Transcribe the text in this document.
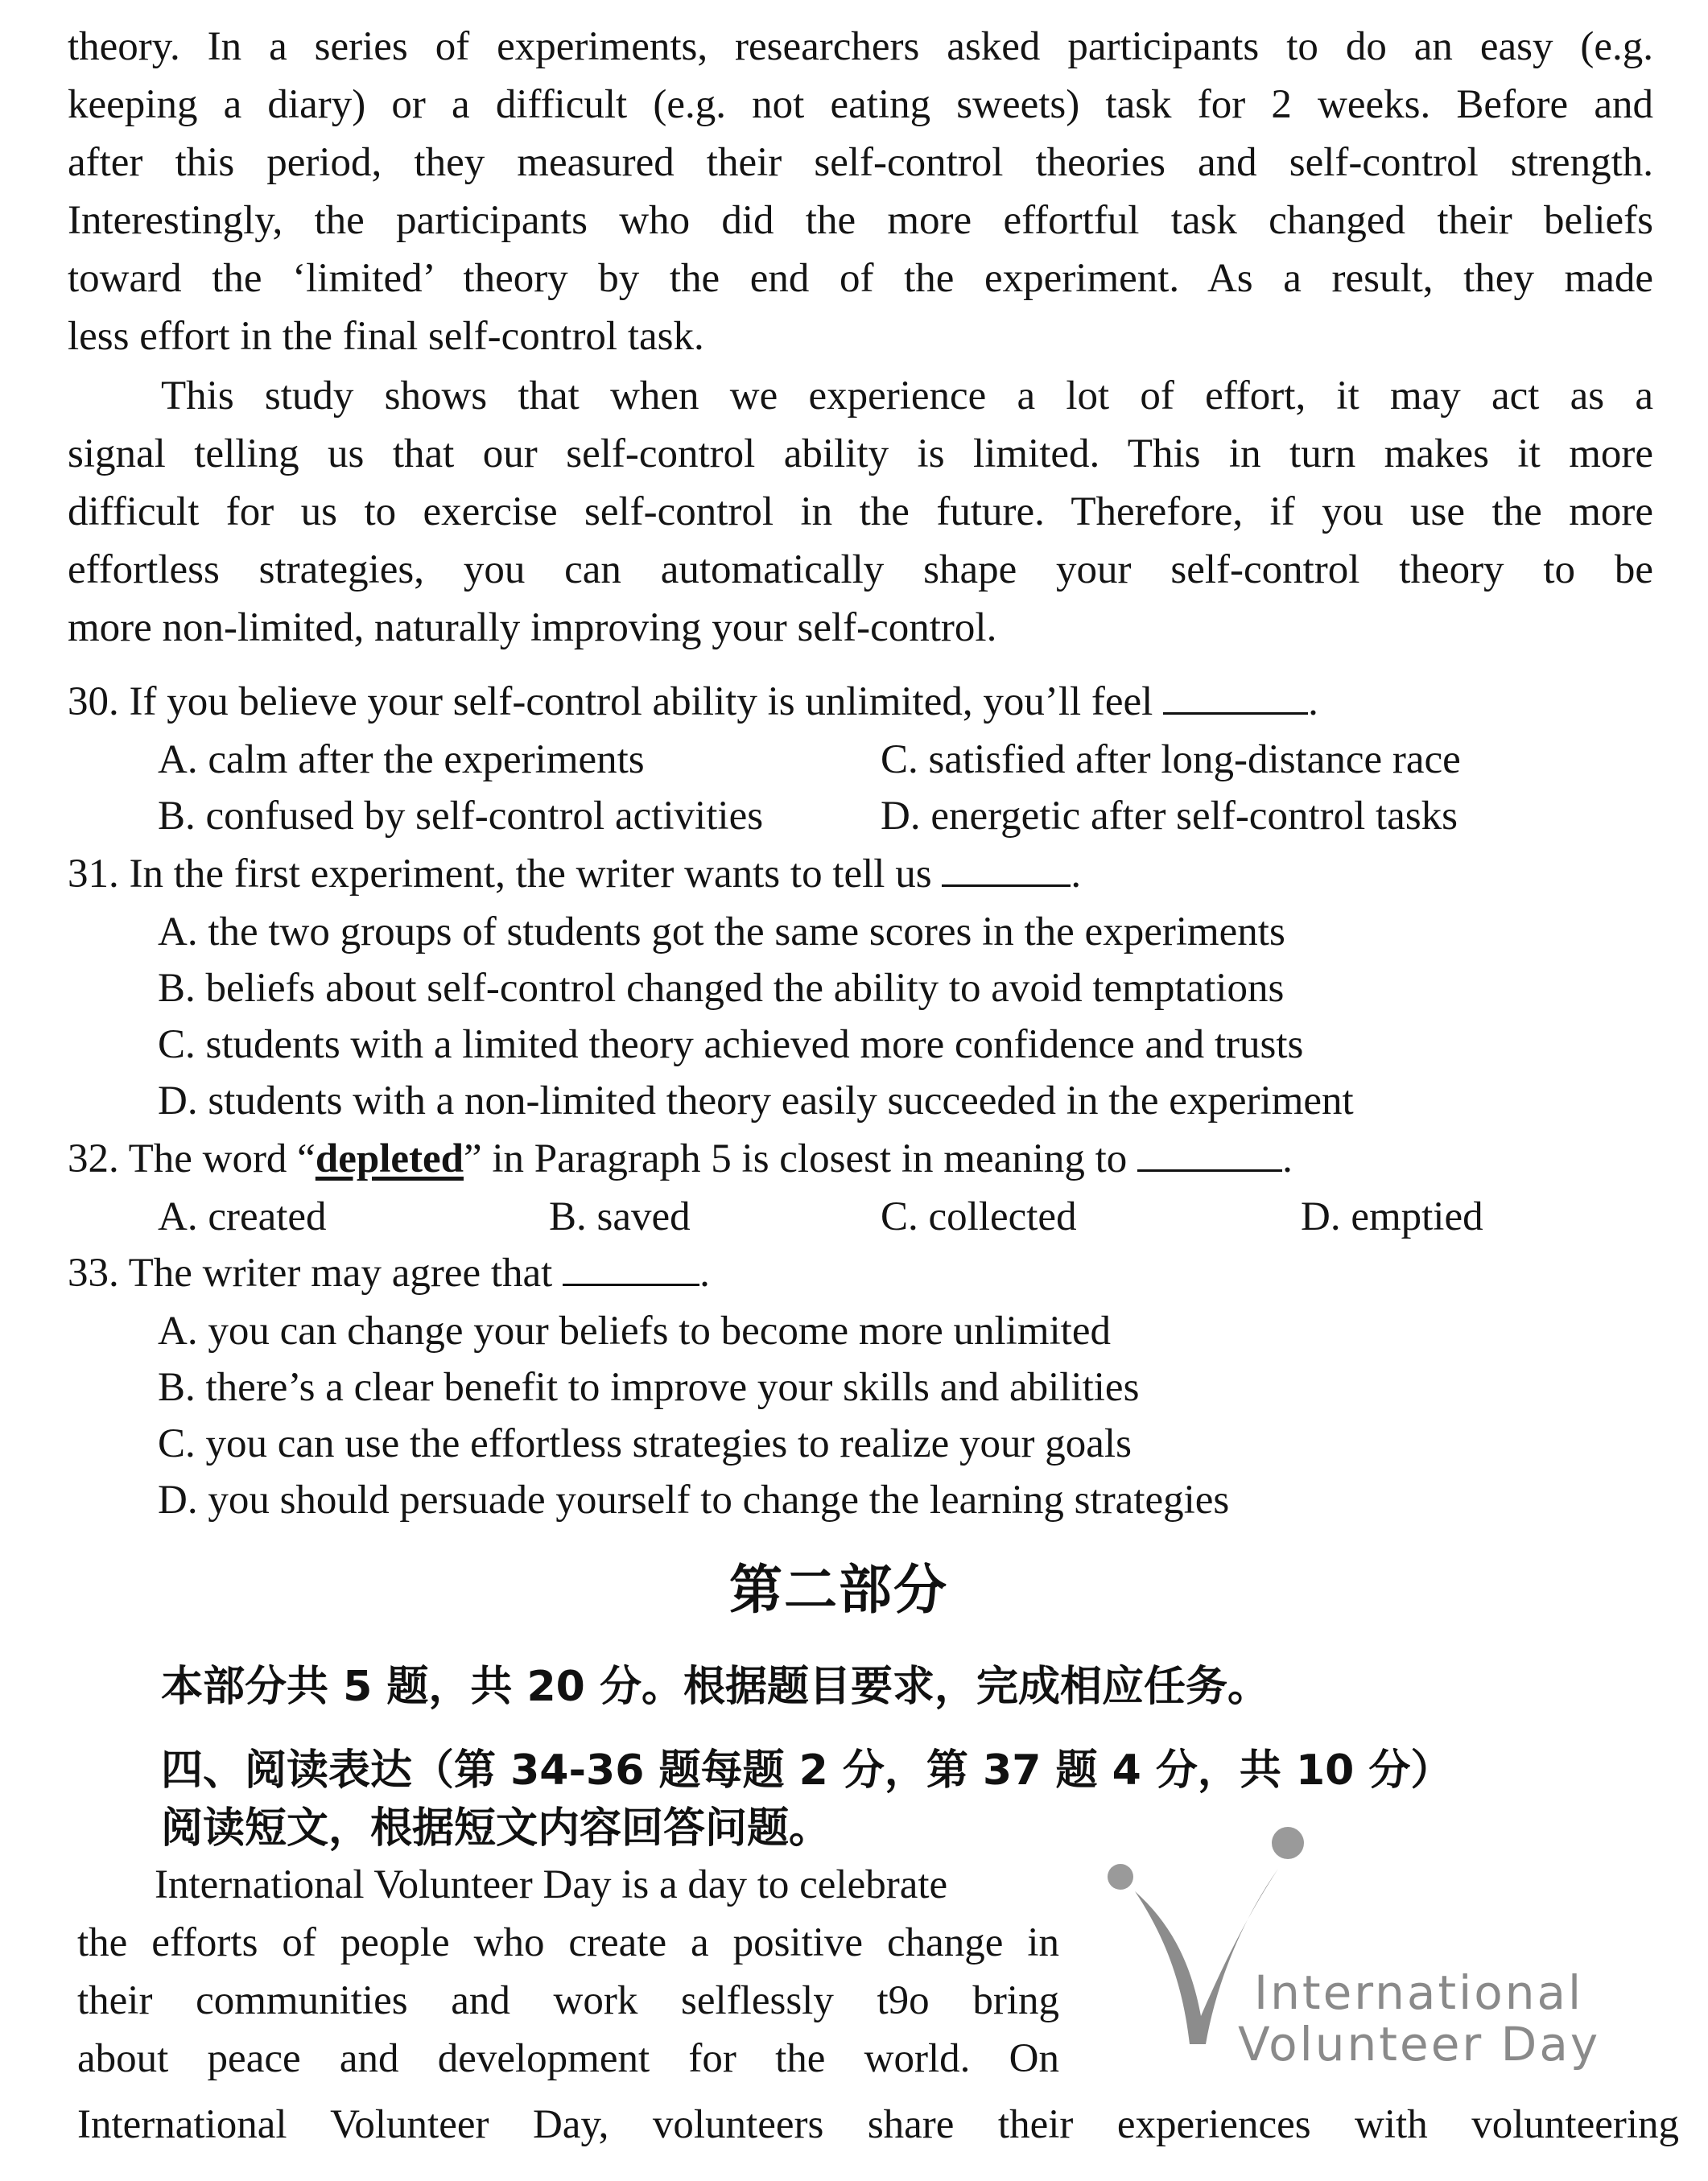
theory. In a series of experiments, researchers asked participants to do an easy (e.g.
keeping a diary) or a difficult (e.g. not eating sweets) task for 2 weeks. Before and
after this period, they measured their self-control theories and self-control strength.
Interestingly, the participants who did the more effortful task changed their beliefs
toward the ‘limited’ theory by the end of the experiment. As a result, they made
less effort in the final self-control task.
This study shows that when we experience a lot of effort, it may act as a
signal telling us that our self-control ability is limited. This in turn makes it more
difficult for us to exercise self-control in the future. Therefore, if you use the more
effortless strategies, you can automatically shape your self-control theory to be
more non-limited, naturally improving your self-control.
30. If you believe your self-control ability is unlimited, you’ll feel	.
A. calm after the experiments	C. satisfied after long-distance race
B. confused by self-control activities	D. energetic after self-control tasks
31. In the first experiment, the writer wants to tell us	.
A. the two groups of students got the same scores in the experiments
B. beliefs about self-control changed the ability to avoid temptations
C. students with a limited theory achieved more confidence and trusts
D. students with a non-limited theory easily succeeded in the experiment
32. The word “depleted” in Paragraph 5 is closest in meaning to	.
A. created	B. saved	C. collected	D. emptied
33. The writer may agree that	.
A. you can change your beliefs to become more unlimited
B. there’s a clear benefit to improve your skills and abilities
C. you can use the effortless strategies to realize your goals
D. you should persuade yourself to change the learning strategies
第二部分
本部分共 5 题，共 20 分。根据题目要求，完成相应任务。
四、阅读表达（第 34-36 题每题 2 分，第 37 题 4 分，共 10 分）
阅读短文，根据短文内容回答问题。
International Volunteer Day is a day to celebrate
the efforts of people who create a positive change in
their communities and work selflessly t9o bring
about peace and development for the world. On
International Volunteer Day, volunteers share their experiences with volunteering
International
Volunteer Day
